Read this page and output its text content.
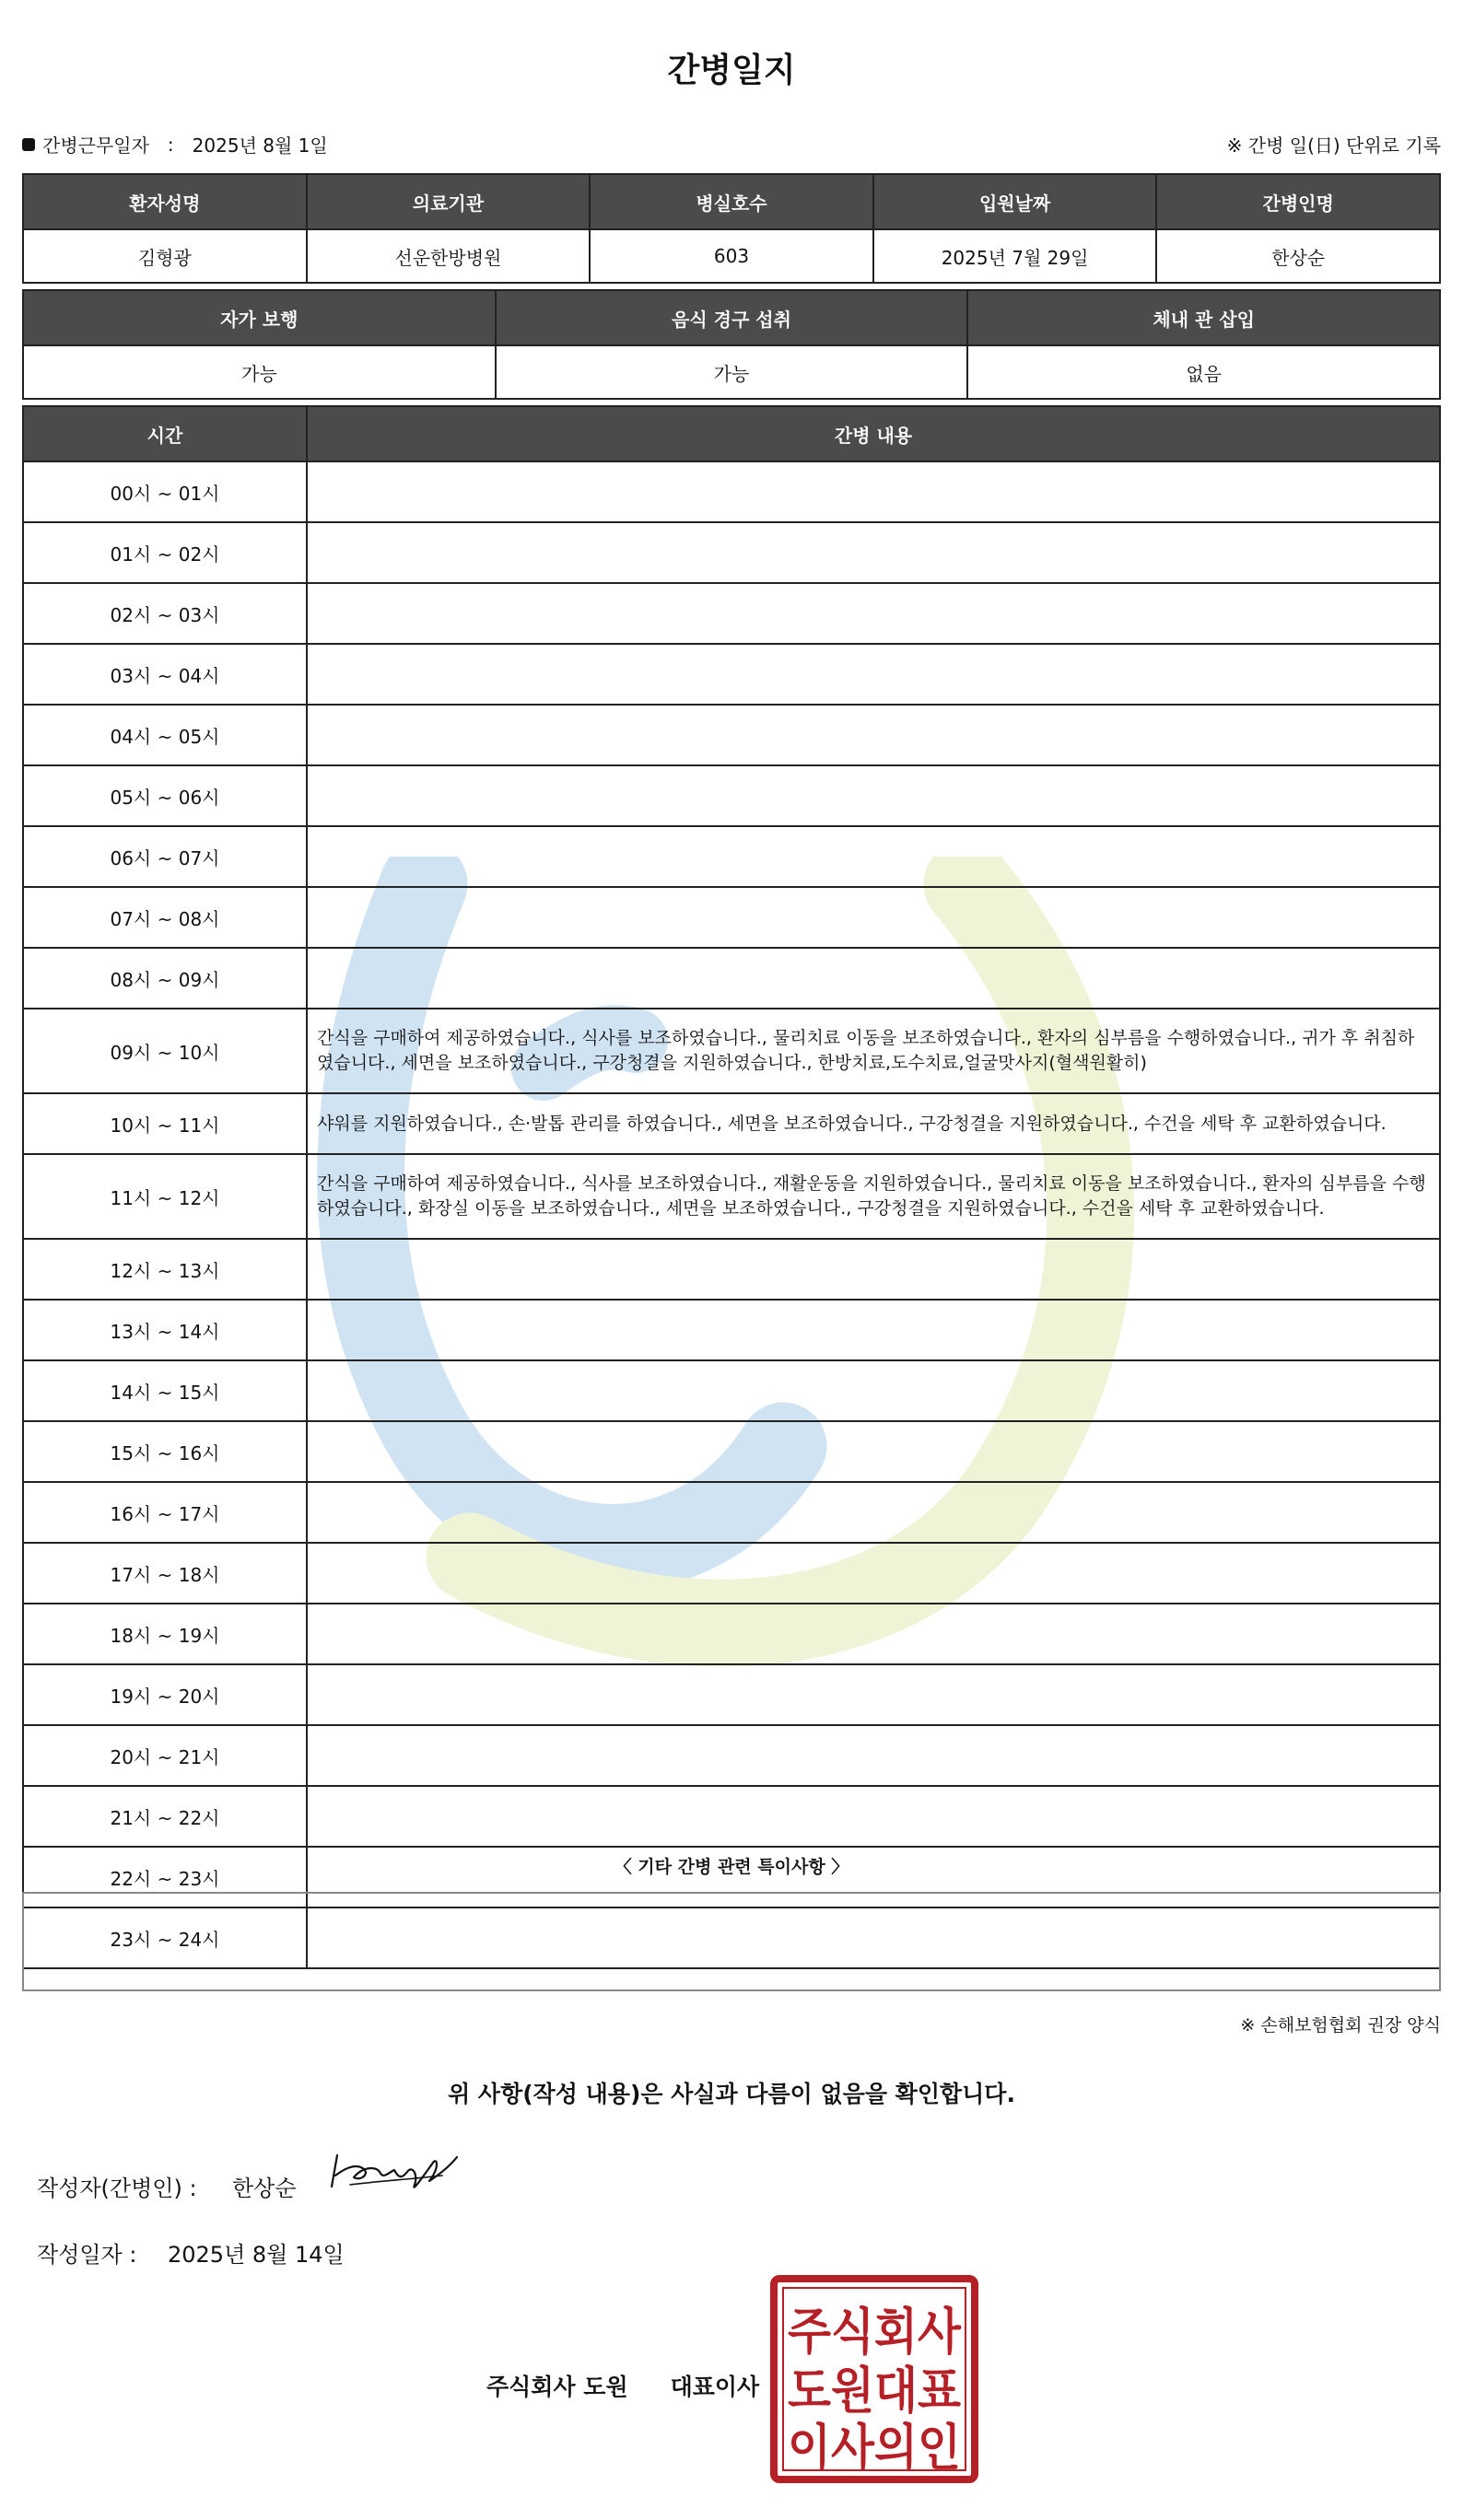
간병일지
간병근무일자 : 2025년 8월 1일	※ 간병 일(日) 단위로 기록
환자성명	의료기관	병실호수	입원날짜	간병인명
김형광	선운한방병원	603	2025년 7월 29일	한상순
자가 보행	음식 경구 섭취	체내 관 삽입
가능	가능	없음
시간	간병 내용
00시 ~ 01시	
01시 ~ 02시	
02시 ~ 03시	
03시 ~ 04시	
04시 ~ 05시	
05시 ~ 06시	
06시 ~ 07시	
07시 ~ 08시	
08시 ~ 09시	
09시 ~ 10시	간식을 구매하여 제공하였습니다., 식사를 보조하였습니다., 물리치료 이동을 보조하였습니다., 환자의 심부름을 수행하였습니다., 귀가 후 취침하였습니다., 세면을 보조하였습니다., 구강청결을 지원하였습니다., 한방치료,도수치료,얼굴맛사지(혈색원활히)
10시 ~ 11시	샤워를 지원하였습니다., 손·발톱 관리를 하였습니다., 세면을 보조하였습니다., 구강청결을 지원하였습니다., 수건을 세탁 후 교환하였습니다.
11시 ~ 12시	간식을 구매하여 제공하였습니다., 식사를 보조하였습니다., 재활운동을 지원하였습니다., 물리치료 이동을 보조하였습니다., 환자의 심부름을 수행하였습니다., 화장실 이동을 보조하였습니다., 세면을 보조하였습니다., 구강청결을 지원하였습니다., 수건을 세탁 후 교환하였습니다.
12시 ~ 13시	
13시 ~ 14시	
14시 ~ 15시	
15시 ~ 16시	
16시 ~ 17시	
17시 ~ 18시	
18시 ~ 19시	
19시 ~ 20시	
20시 ~ 21시	
21시 ~ 22시	
22시 ~ 23시	
23시 ~ 24시	
〈 기타 간병 관련 특이사항 〉
※ 손해보험협회 권장 양식
위 사항(작성 내용)은 사실과 다름이 없음을 확인합니다.
작성자(간병인) :	한상순
작성일자 :	2025년 8월 14일
주식회사 도원 대표이사
주식회사
도원대표
이사의인
